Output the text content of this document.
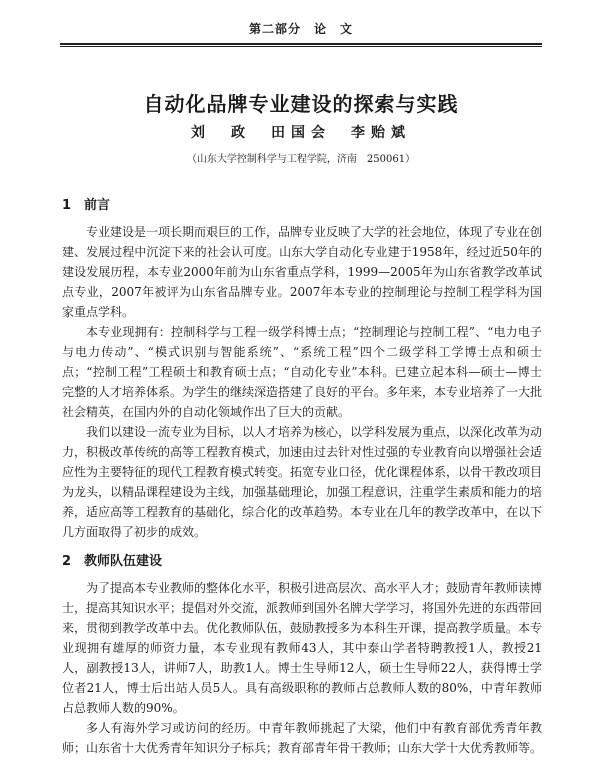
第二部分　论　文
自动化品牌专业建设的探索与实践
刘　政　田国会　李贻斌
（山东大学控制科学与工程学院，济南　250061）
1 前言

专业建设是一项长期而艰巨的工作，品牌专业反映了大学的社会地位，体现了专业在创建、发展过程中沉淀下来的社会认可度。山东大学自动化专业建于1958年，经过近50年的建设发展历程，本专业2000年前为山东省重点学科，1999—2005年为山东省教学改革试点专业，2007年被评为山东省品牌专业。2007年本专业的控制理论与控制工程学科为国家重点学科。

本专业现拥有：控制科学与工程一级学科博士点；“控制理论与控制工程”、“电力电子与电力传动”、“模式识别与智能系统”、“系统工程”四个二级学科工学博士点和硕士点；“控制工程”工程硕士和教育硕士点；“自动化专业”本科。已建立起本科—硕士—博士完整的人才培养体系。为学生的继续深造搭建了良好的平台。多年来，本专业培养了一大批社会精英，在国内外的自动化领域作出了巨大的贡献。

我们以建设一流专业为目标，以人才培养为核心，以学科发展为重点，以深化改革为动力，积极改革传统的高等工程教育模式，加速由过去针对性过强的专业教育向以增强社会适应性为主要特征的现代工程教育模式转变。拓宽专业口径，优化课程体系，以骨干教改项目为龙头，以精品课程建设为主线，加强基础理论，加强工程意识，注重学生素质和能力的培养，适应高等工程教育的基础化，综合化的改革趋势。本专业在几年的教学改革中，在以下几方面取得了初步的成效。

2 教师队伍建设

为了提高本专业教师的整体化水平，积极引进高层次、高水平人才；鼓励青年教师读博士，提高其知识水平；提倡对外交流，派教师到国外名牌大学学习，将国外先进的东西带回来，贯彻到教学改革中去。优化教师队伍，鼓励教授多为本科生开课，提高教学质量。本专业现拥有雄厚的师资力量，本专业现有教师43人，其中泰山学者特聘教授1人，教授21人，副教授13人，讲师7人，助教1人。博士生导师12人，硕士生导师22人，获得博士学位者21人，博士后出站人员5人。具有高级职称的教师占总教师人数的80%，中青年教师占总教师人数的90%。

多人有海外学习或访问的经历。中青年教师挑起了大梁，他们中有教育部优秀青年教师；山东省十大优秀青年知识分子标兵；教育部青年骨干教师；山东大学十大优秀教师等。
